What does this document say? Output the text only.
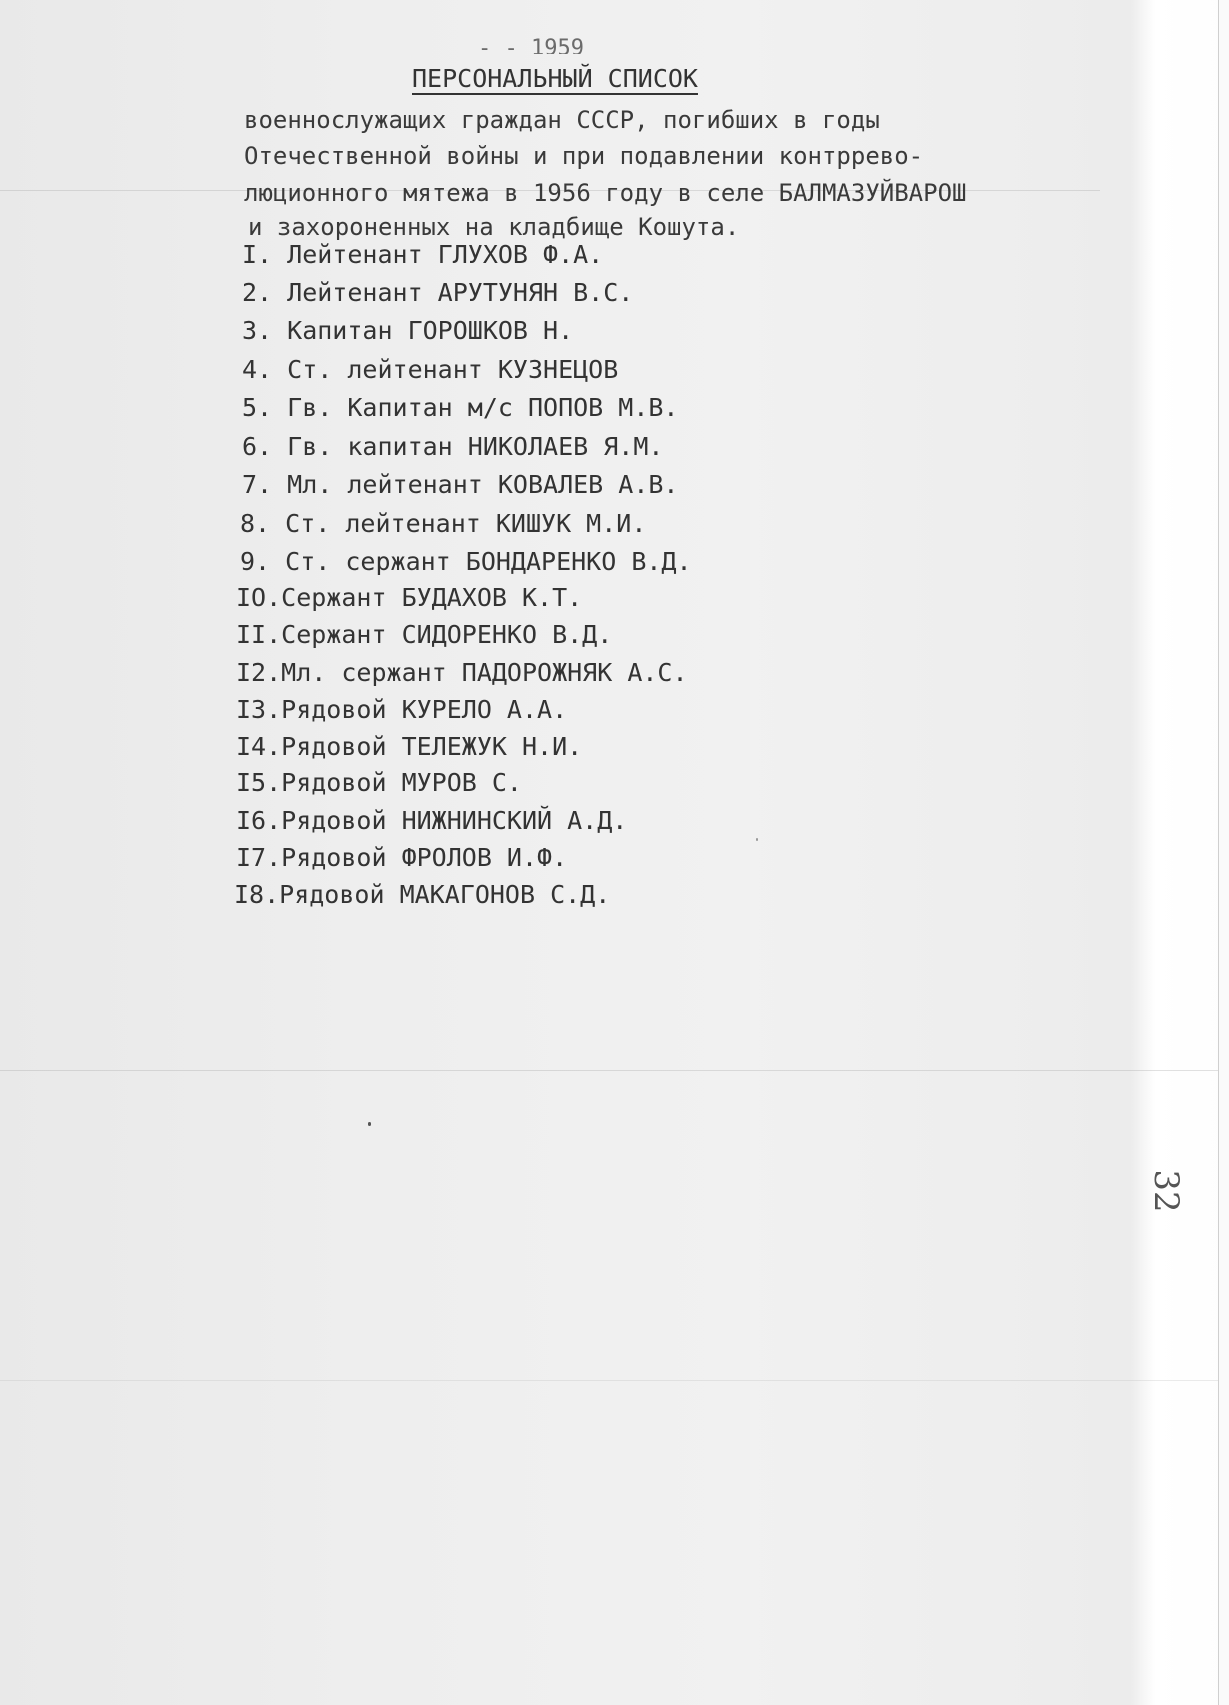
- - 1959
ПЕРСОНАЛЬНЫЙ СПИСОК
военнослужащих граждан СССР, погибших в годы
Отечественной войны и при подавлении контррево-
люционного мятежа в 1956 году в селе БАЛМАЗУЙВАРОШ
и захороненных на кладбище Кошута.
I. Лейтенант ГЛУХОВ Ф.А.
2. Лейтенант АРУТУНЯН В.С.
3. Капитан ГОРОШКОВ Н.
4. Ст. лейтенант КУЗНЕЦОВ
5. Гв. Капитан м/с ПОПОВ М.В.
6. Гв. капитан НИКОЛАЕВ Я.М.
7. Мл. лейтенант КОВАЛЕВ А.В.
8. Ст. лейтенант КИШУК М.И.
9. Ст. сержант БОНДАРЕНКО В.Д.
IO.Сержант БУДАХОВ К.Т.
II.Сержант СИДОРЕНКО В.Д.
I2.Мл. сержант ПАДОРОЖНЯК А.С.
I3.Рядовой КУРЕЛО А.А.
I4.Рядовой ТЕЛЕЖУК Н.И.
I5.Рядовой МУРОВ С.
I6.Рядовой НИЖНИНСКИЙ А.Д.
I7.Рядовой ФРОЛОВ И.Ф.
I8.Рядовой МАКАГОНОВ С.Д.
32
